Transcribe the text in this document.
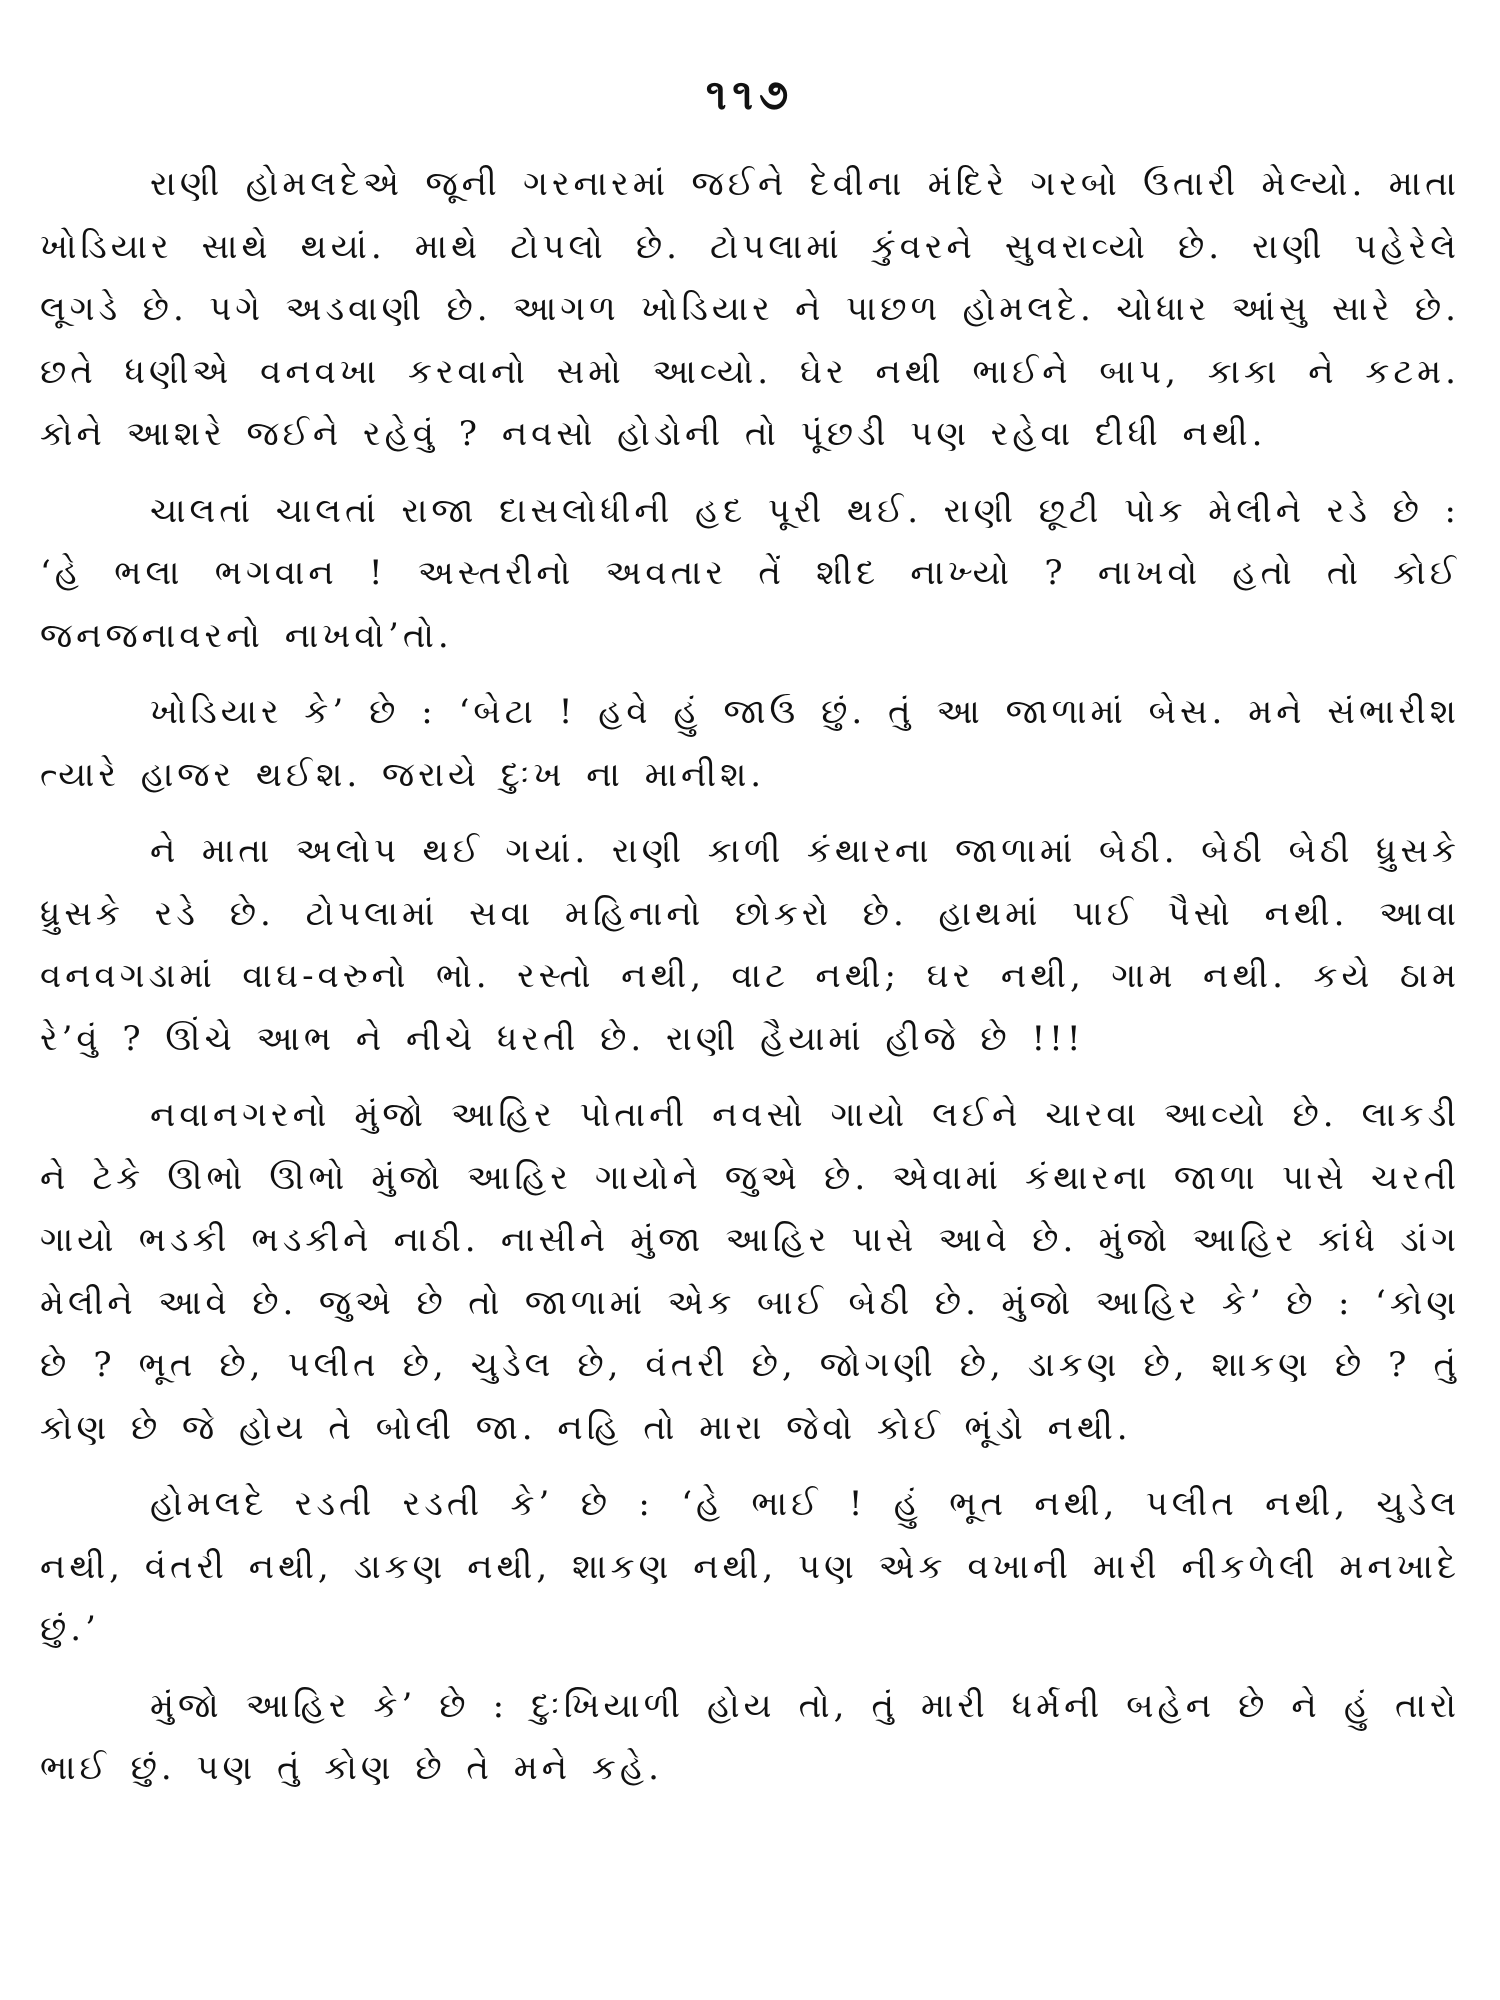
૧૧૭

રાણી હોમલદેએ જૂની ગરનારમાં જઈને દેવીના મંદિરે ગરબો ઉતારી મેલ્યો. માતા ખોડિયાર સાથે થયાં. માથે ટોપલો છે. ટોપલામાં કુંવરને સુવરાવ્યો છે. રાણી પહેરેલે લૂગડે છે. પગે અડવાણી છે. આગળ ખોડિયાર ને પાછળ હોમલદે. ચોધાર આંસુ સારે છે. છતે ધણીએ વનવખા કરવાનો સમો આવ્યો. ઘેર નથી ભાઈને બાપ, કાકા ને કટમ. કોને આશરે જઈને રહેવું ? નવસો હોડોની તો પૂંછડી પણ રહેવા દીધી નથી.

ચાલતાં ચાલતાં રાજા દાસલોધીની હદ પૂરી થઈ. રાણી છૂટી પોક મેલીને રડે છે : ‘હે ભલા ભગવાન ! અસ્તરીનો અવતાર તેં શીદ નાખ્યો ? નાખવો હતો તો કોઈ જનજનાવરનો નાખવો’તો.

ખોડિયાર કે’ છે : ‘બેટા ! હવે હું જાઉ છું. તું આ જાળામાં બેસ. મને સંભારીશ ત્યારે હાજર થઈશ. જરાયે દુઃખ ના માનીશ.

ને માતા અલોપ થઈ ગયાં. રાણી કાળી કંથારના જાળામાં બેઠી. બેઠી બેઠી ધ્રુસકે ધ્રુસકે રડે છે. ટોપલામાં સવા મહિનાનો છોકરો છે. હાથમાં પાઈ પૈસો નથી. આવા વનવગડામાં વાઘ-વરુનો ભો. રસ્તો નથી, વાટ નથી; ઘર નથી, ગામ નથી. કયે ઠામ રે’વું ? ઊંચે આભ ને નીચે ધરતી છે. રાણી હૈયામાં હીજે છે !!!

નવાનગરનો મુંજો આહિર પોતાની નવસો ગાયો લઈને ચારવા આવ્યો છે. લાકડી ને ટેકે ઊભો ઊભો મુંજો આહિર ગાયોને જુએ છે. એવામાં કંથારના જાળા પાસે ચરતી ગાયો ભડકી ભડકીને નાઠી. નાસીને મુંજા આહિર પાસે આવે છે. મુંજો આહિર કાંધે ડાંગ મેલીને આવે છે. જુએ છે તો જાળામાં એક બાઈ બેઠી છે. મુંજો આહિર કે’ છે : ‘કોણ છે ? ભૂત છે, પલીત છે, ચુડેલ છે, વંતરી છે, જોગણી છે, ડાકણ છે, શાકણ છે ? તું કોણ છે જે હોય તે બોલી જા. નહિ તો મારા જેવો કોઈ ભૂંડો નથી.

હોમલદે રડતી રડતી કે’ છે : ‘હે ભાઈ ! હું ભૂત નથી, પલીત નથી, ચુડેલ નથી, વંતરી નથી, ડાકણ નથી, શાકણ નથી, પણ એક વખાની મારી નીકળેલી મનખાદે છું.’

મુંજો આહિર કે’ છે : દુઃખિયાળી હોય તો, તું મારી ધર્મની બહેન છે ને હું તારો ભાઈ છું. પણ તું કોણ છે તે મને કહે.
